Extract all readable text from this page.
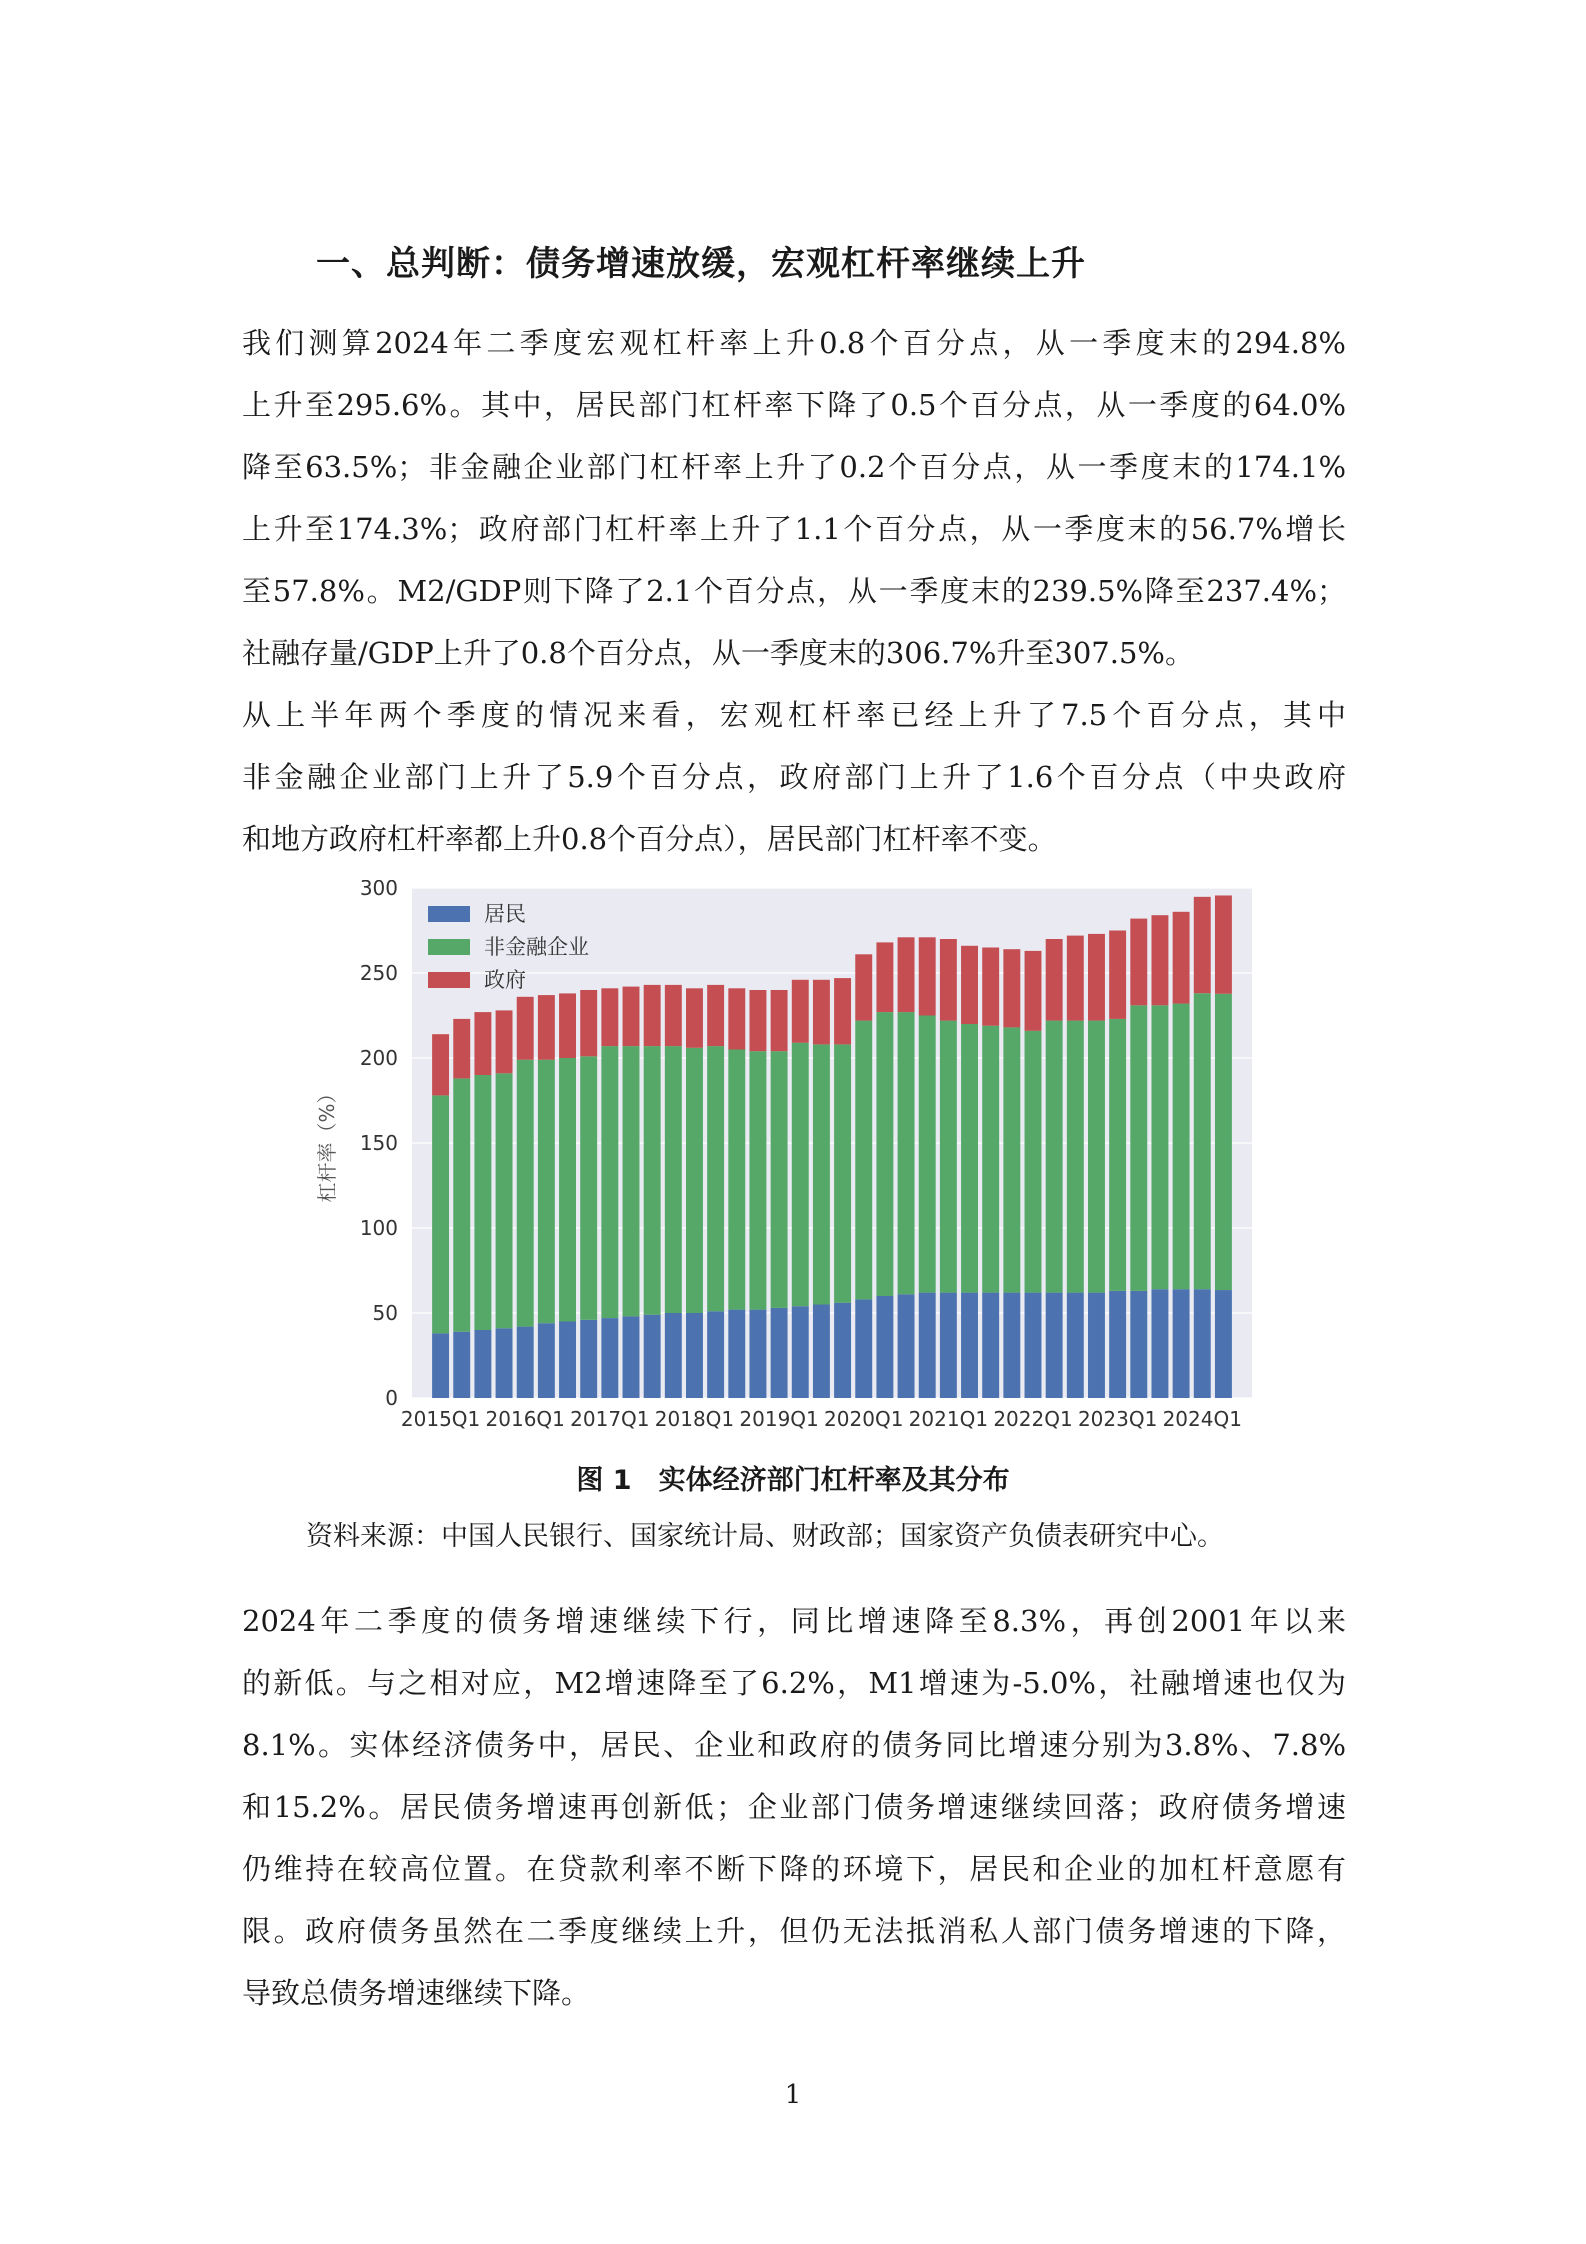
一、总判断：债务增速放缓，宏观杠杆率继续上升
我们测算2024年二季度宏观杠杆率上升0.8个百分点，从一季度末的294.8%
上升至295.6%。其中，居民部门杠杆率下降了0.5个百分点，从一季度的64.0%
降至63.5%；非金融企业部门杠杆率上升了0.2个百分点，从一季度末的174.1%
上升至174.3%；政府部门杠杆率上升了1.1个百分点，从一季度末的56.7%增长
至57.8%。M2/GDP则下降了2.1个百分点，从一季度末的239.5%降至237.4%；
社融存量/GDP上升了0.8个百分点，从一季度末的306.7%升至307.5%。
从上半年两个季度的情况来看，宏观杠杆率已经上升了7.5个百分点，其中
非金融企业部门上升了5.9个百分点，政府部门上升了1.6个百分点（中央政府
和地方政府杠杆率都上升0.8个百分点），居民部门杠杆率不变。
0
50
100
150
200
250
300
杠杆率（%）
2015Q1 2016Q1 2017Q1 2018Q1 2019Q1 2020Q1 2021Q1 2022Q1 2023Q1 2024Q1
居民
非金融企业
政府
图 1　实体经济部门杠杆率及其分布
资料来源：中国人民银行、国家统计局、财政部；国家资产负债表研究中心。
2024年二季度的债务增速继续下行，同比增速降至8.3%，再创2001年以来
的新低。与之相对应，M2增速降至了6.2%，M1增速为-5.0%，社融增速也仅为
8.1%。实体经济债务中，居民、企业和政府的债务同比增速分别为3.8%、7.8%
和15.2%。居民债务增速再创新低；企业部门债务增速继续回落；政府债务增速
仍维持在较高位置。在贷款利率不断下降的环境下，居民和企业的加杠杆意愿有
限。政府债务虽然在二季度继续上升，但仍无法抵消私人部门债务增速的下降，
导致总债务增速继续下降。
1
